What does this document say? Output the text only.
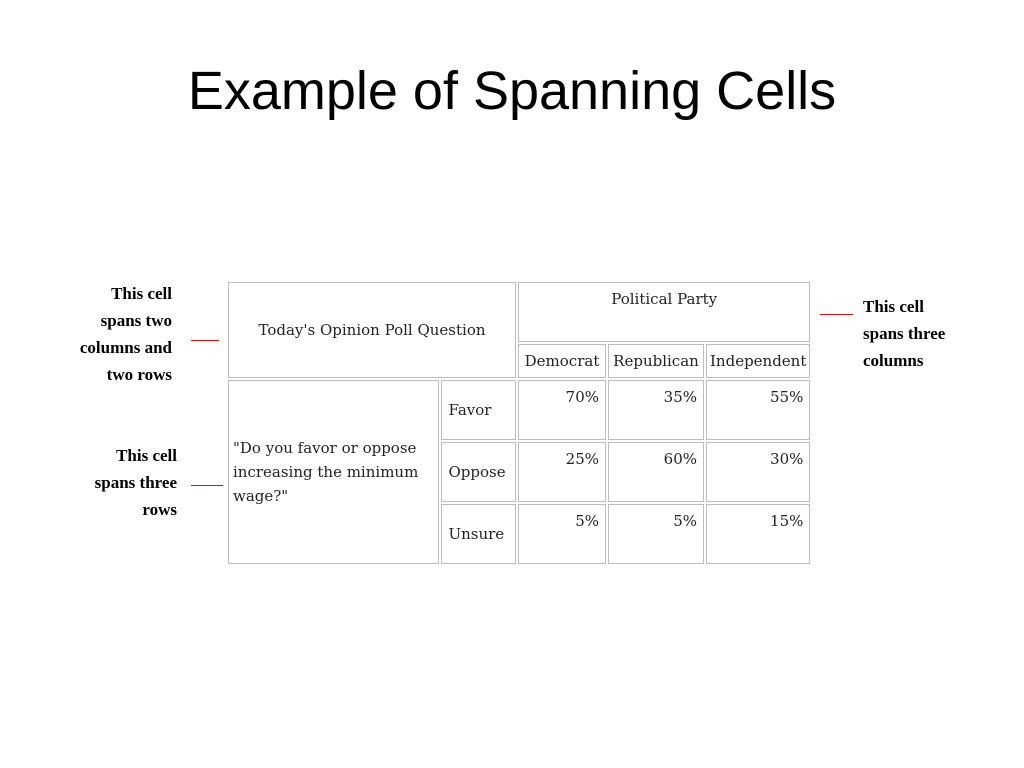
Example of Spanning Cells
This cell
spans two
columns and
two rows
This cell
spans three
rows
This cell
spans three
columns
Today's Opinion Poll Question		Political Party		
		Democrat	Republican	Independent
"Do you favor or oppose increasing the minimum wage?"	Favor	70%	35%	55%
	Oppose	25%	60%	30%
	Unsure	5%	5%	15%
